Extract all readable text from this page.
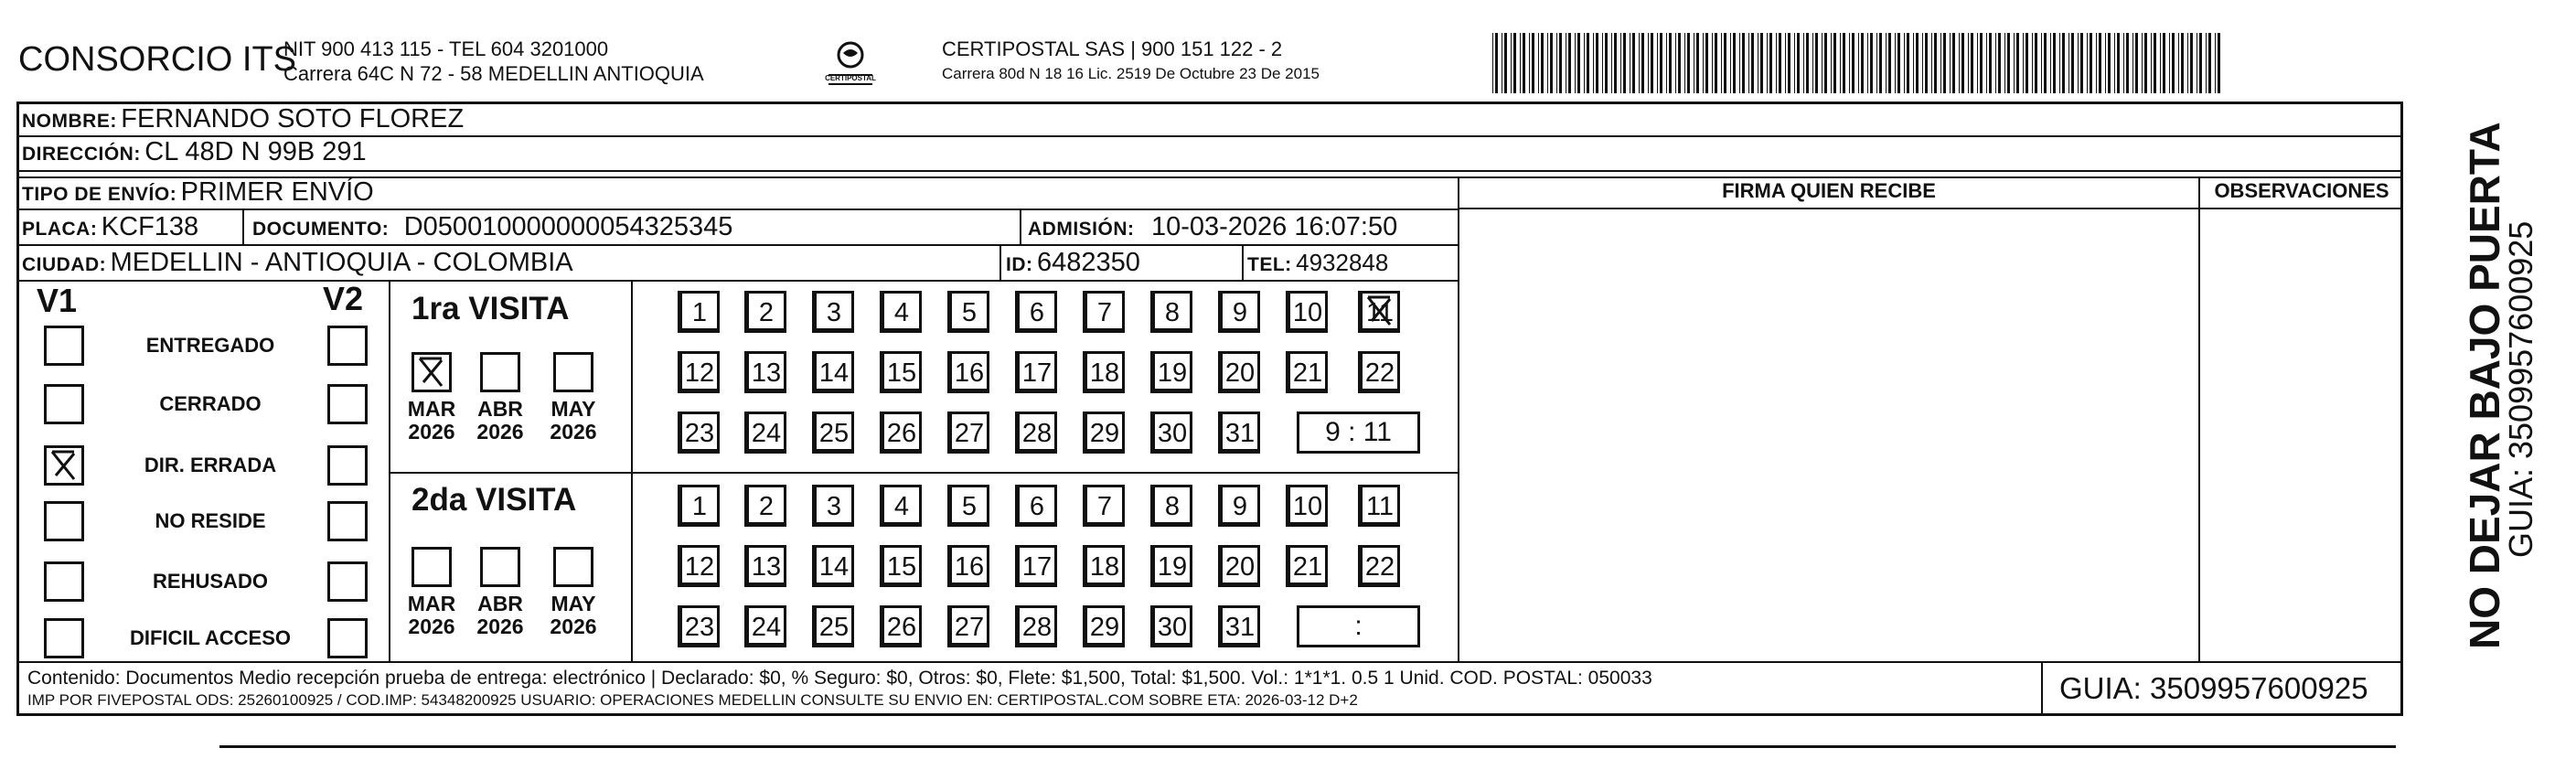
CONSORCIO ITS
NIT 900 413 115 - TEL 604 3201000
Carrera 64C N 72 - 58 MEDELLIN ANTIOQUIA	CERTIPOSTAL
CERTIPOSTAL SAS | 900 151 122 - 2
Carrera 80d N 18 16 Lic. 2519 De Octubre 23 De 2015
NOMBRE: FERNANDO SOTO FLOREZ
DIRECCIÓN: CL 48D N 99B 291
TIPO DE ENVÍO: PRIMER ENVÍO
PLACA: KCF138	DOCUMENTO: D050010000000054325345	ADMISIÓN: 10-03-2026 16:07:50
CIUDAD: MEDELLIN - ANTIOQUIA - COLOMBIA	ID: 6482350	TEL: 4932848
FIRMA QUIEN RECIBE	OBSERVACIONES
V1	V2
ENTREGADO
CERRADO
DIR. ERRADA
NO RESIDE
REHUSADO
DIFICIL ACCESO
1ra VISITA
2da VISITA
MAR
2026
ABR
2026
MAY
2026
1	2	3	4	5	6	7	8	9	10	11
12 13 14 15 16 17 18 19 20 21 22
23 24 25 26 27 28 29 30 31	9 : 11
MAR
2026
ABR
2026
MAY
2026
1	2	3	4	5	6	7	8	9	10	11
12 13 14 15 16 17 18 19 20 21 22
23 24 25 26 27 28 29 30 31	:
Contenido: Documentos Medio recepción prueba de entrega: electrónico | Declarado: $0, % Seguro: $0, Otros: $0, Flete: $1,500, Total: $1,500. Vol.: 1*1*1. 0.5 1 Unid. COD. POSTAL: 050033
IMP POR FIVEPOSTAL ODS: 25260100925 / COD.IMP: 54348200925 USUARIO: OPERACIONES MEDELLIN CONSULTE SU ENVIO EN: CERTIPOSTAL.COM SOBRE ETA: 2026-03-12 D+2	GUIA: 3509957600925
NO DEJAR BAJO PUERTA
GUIA: 3509957600925
